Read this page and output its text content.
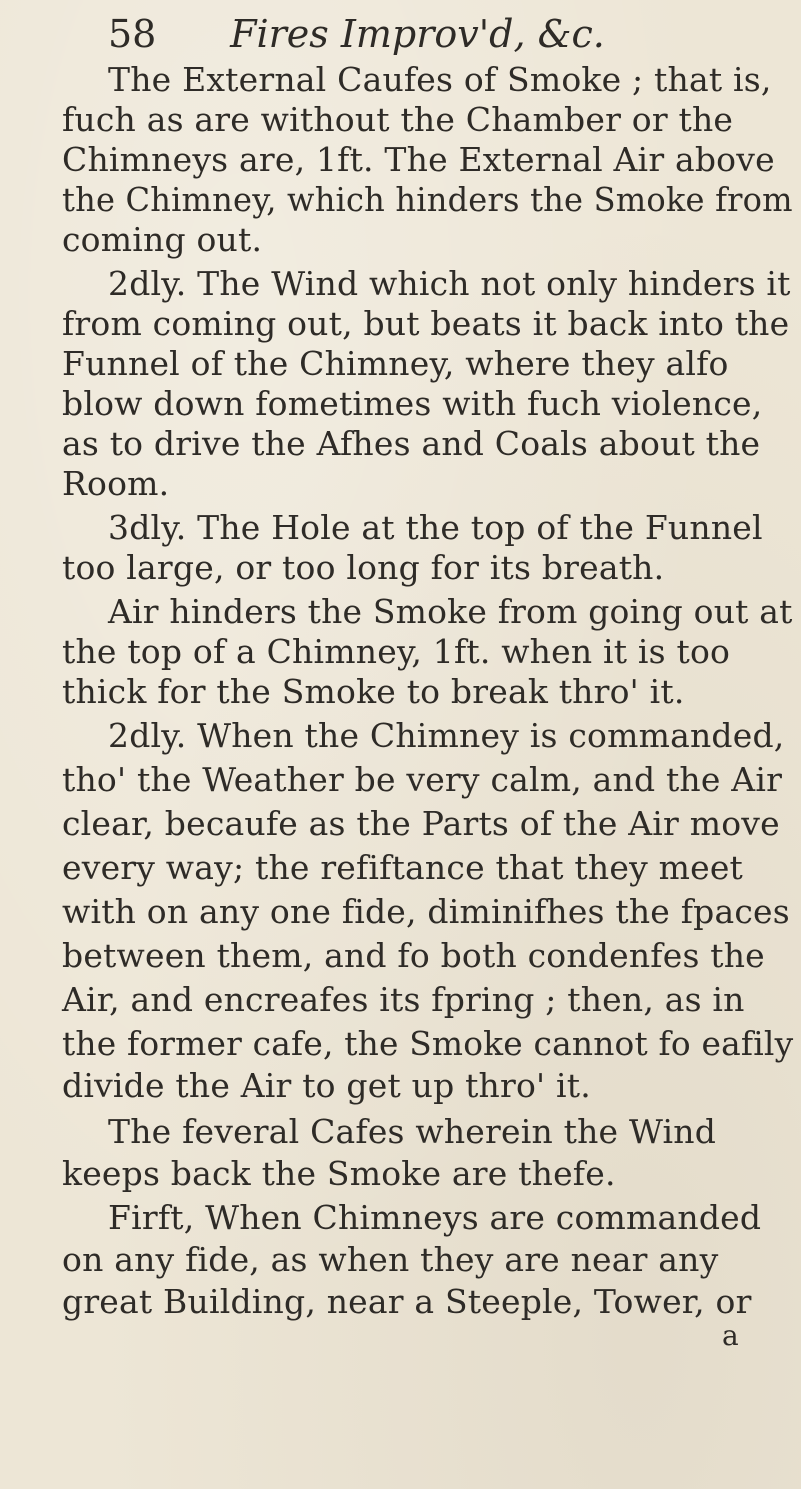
58 Fires Improv'd, &c.
The External Caufes of Smoke ; that is,
fuch as are without the Chamber or the
Chimneys are, 1ft. The External Air above
the Chimney, which hinders the Smoke from
coming out.
2dly. The Wind which not only hinders it
from coming out, but beats it back into the
Funnel of the Chimney, where they alfo
blow down fometimes with fuch violence,
as to drive the Afhes and Coals about the
Room.
3dly. The Hole at the top of the Funnel
too large, or too long for its breath.
Air hinders the Smoke from going out at
the top of a Chimney, 1ft. when it is too
thick for the Smoke to break thro' it.
2dly. When the Chimney is commanded,
tho' the Weather be very calm, and the Air
clear, becaufe as the Parts of the Air move
every way; the refiftance that they meet
with on any one fide, diminifhes the fpaces
between them, and fo both condenfes the
Air, and encreafes its fpring ; then, as in
the former cafe, the Smoke cannot fo eafily
divide the Air to get up thro' it.
The feveral Cafes wherein the Wind
keeps back the Smoke are thefe.
Firft, When Chimneys are commanded
on any fide, as when they are near any
great Building, near a Steeple, Tower, or
a
